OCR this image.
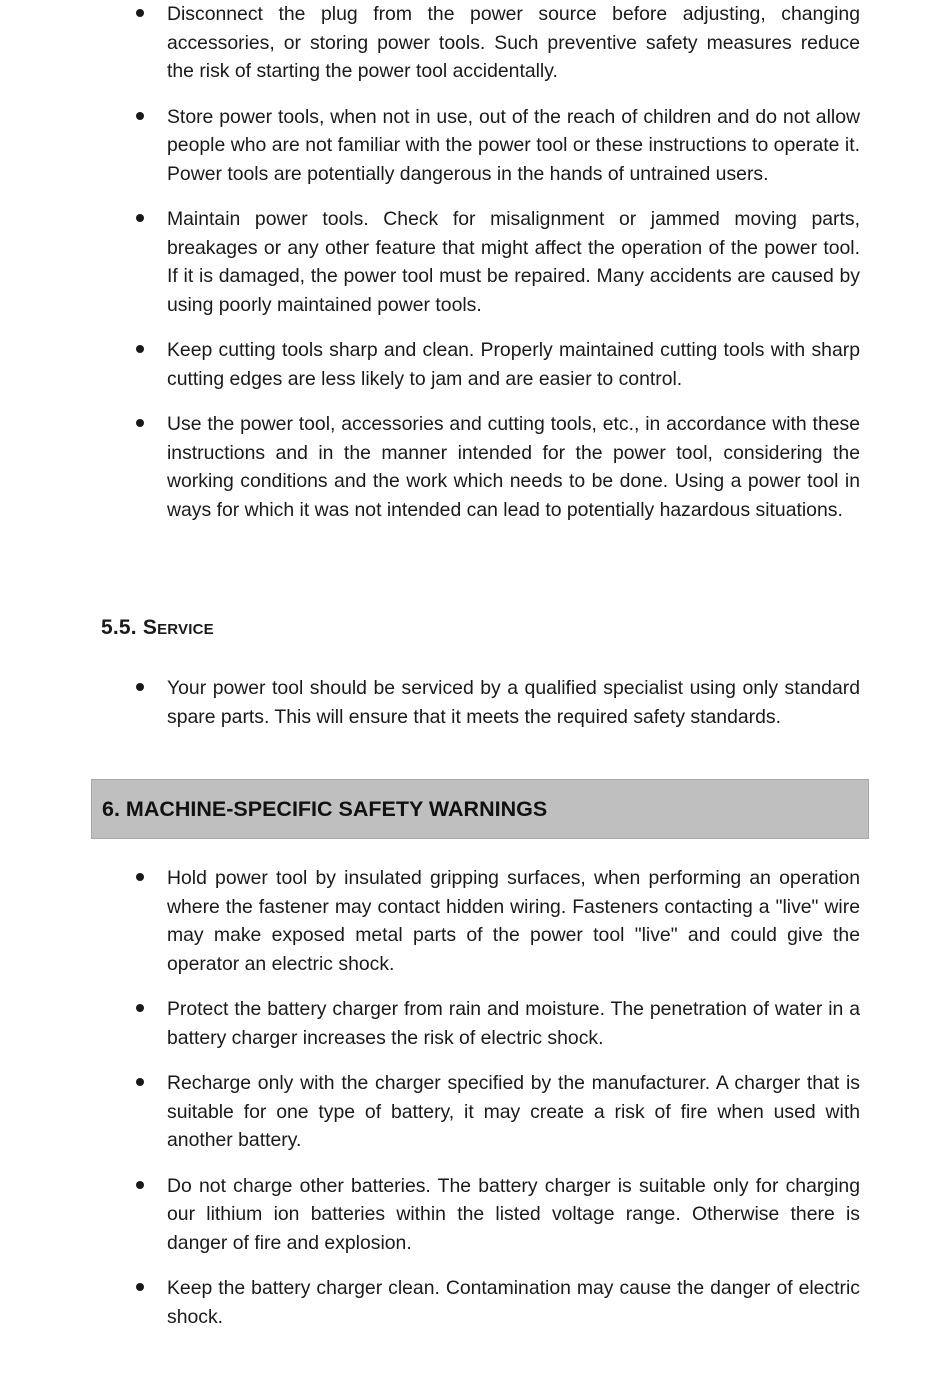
Disconnect the plug from the power source before adjusting, changing accessories, or storing power tools. Such preventive safety measures reduce the risk of starting the power tool accidentally.
Store power tools, when not in use, out of the reach of children and do not allow people who are not familiar with the power tool or these instructions to operate it. Power tools are potentially dangerous in the hands of untrained users.
Maintain power tools. Check for misalignment or jammed moving parts, breakages or any other feature that might affect the operation of the power tool. If it is damaged, the power tool must be repaired. Many accidents are caused by using poorly maintained power tools.
Keep cutting tools sharp and clean. Properly maintained cutting tools with sharp cutting edges are less likely to jam and are easier to control.
Use the power tool, accessories and cutting tools, etc., in accordance with these instructions and in the manner intended for the power tool, considering the working conditions and the work which needs to be done. Using a power tool in ways for which it was not intended can lead to potentially hazardous situations.
5.5. Service
Your power tool should be serviced by a qualified specialist using only standard spare parts. This will ensure that it meets the required safety standards.
6. MACHINE-SPECIFIC SAFETY WARNINGS
Hold power tool by insulated gripping surfaces, when performing an operation where the fastener may contact hidden wiring. Fasteners contacting a "live" wire may make exposed metal parts of the power tool "live" and could give the operator an electric shock.
Protect the battery charger from rain and moisture. The penetration of water in a battery charger increases the risk of electric shock.
Recharge only with the charger specified by the manufacturer. A charger that is suitable for one type of battery, it may create a risk of fire when used with another battery.
Do not charge other batteries. The battery charger is suitable only for charging our lithium ion batteries within the listed voltage range. Otherwise there is danger of fire and explosion.
Keep the battery charger clean. Contamination may cause the danger of electric shock.
